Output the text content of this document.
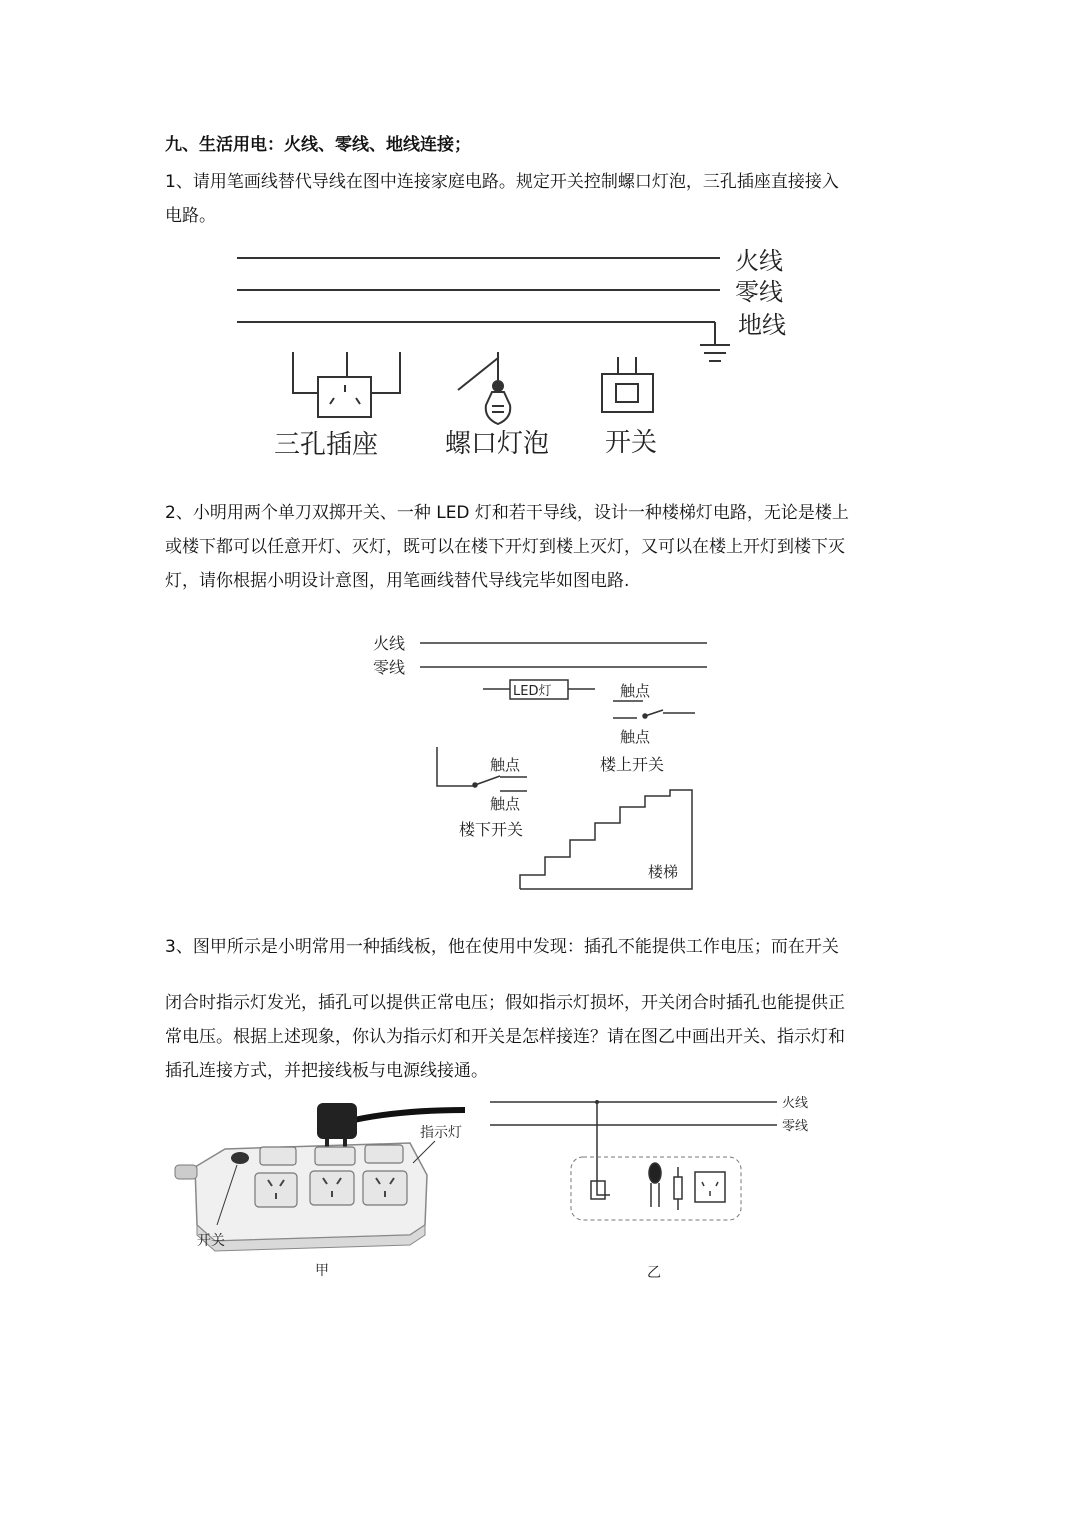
九、生活用电：火线、零线、地线连接；
1、请用笔画线替代导线在图中连接家庭电路。规定开关控制螺口灯泡，三孔插座直接接入
电路。
火线
零线
地线
三孔插座	螺口灯泡 开关
2、小明用两个单刀双掷开关、一种 LED 灯和若干导线，设计一种楼梯灯电路，无论是楼上
或楼下都可以任意开灯、灭灯，既可以在楼下开灯到楼上灭灯，又可以在楼上开灯到楼下灭
灯，请你根据小明设计意图，用笔画线替代导线完毕如图电路.
火线
零线
LED灯	触点
触点
楼上开关
触点
触点
楼下开关
楼梯
3、图甲所示是小明常用一种插线板，他在使用中发现：插孔不能提供工作电压；而在开关
闭合时指示灯发光，插孔可以提供正常电压；假如指示灯损坏，开关闭合时插孔也能提供正
常电压。根据上述现象，你认为指示灯和开关是怎样接连？请在图乙中画出开关、指示灯和
插孔连接方式，并把接线板与电源线接通。
指示灯
开关
甲
火线
零线
乙
